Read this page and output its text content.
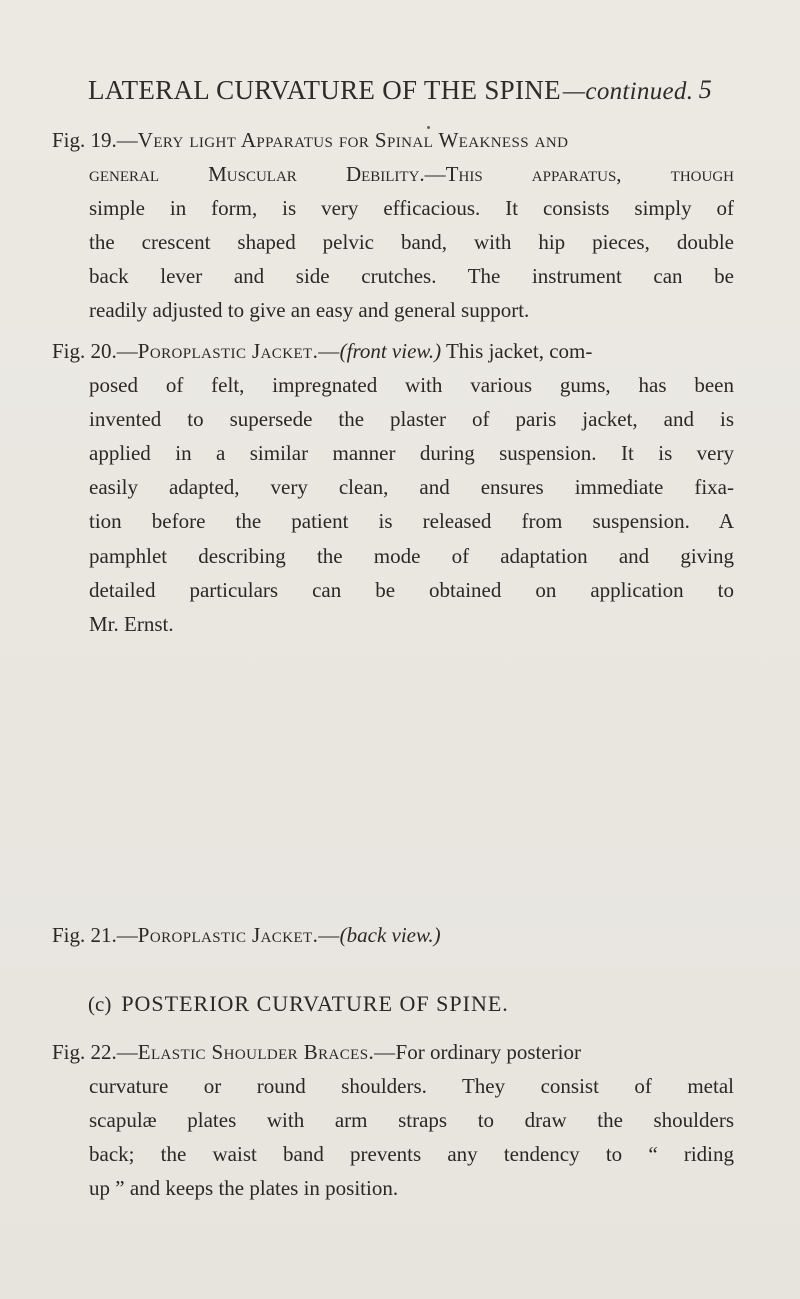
LATERAL CURVATURE OF THE SPINE—continued. 5
Fig. 19.—Very light Apparatus for Spinal Weakness and
general Muscular Debility.—This apparatus, though
simple in form, is very efficacious. It consists simply of
the crescent shaped pelvic band, with hip pieces, double
back lever and side crutches. The instrument can be
readily adjusted to give an easy and general support.
Fig. 20.—Poroplastic Jacket.—(front view.) This jacket, com-
posed of felt, impregnated with various gums, has been
invented to supersede the plaster of paris jacket, and is
applied in a similar manner during suspension. It is very
easily adapted, very clean, and ensures immediate fixa-
tion before the patient is released from suspension. A
pamphlet describing the mode of adaptation and giving
detailed particulars can be obtained on application to
Mr. Ernst.
Fig. 21.—Poroplastic Jacket.—(back view.)
(c) POSTERIOR CURVATURE OF SPINE.
Fig. 22.—Elastic Shoulder Braces.—For ordinary posterior
curvature or round shoulders. They consist of metal
scapulæ plates with arm straps to draw the shoulders
back; the waist band prevents any tendency to “ riding
up ” and keeps the plates in position.
